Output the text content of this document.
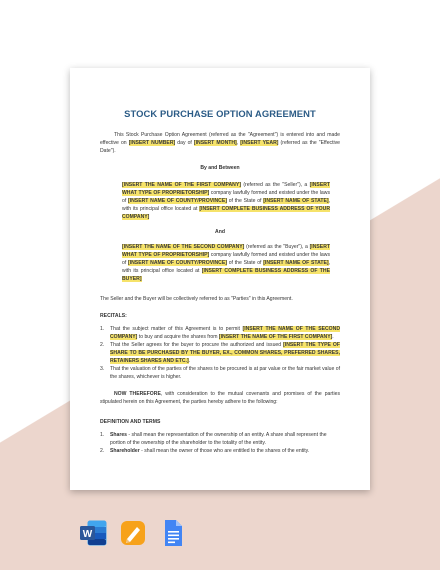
STOCK PURCHASE OPTION AGREEMENT

This Stock Purchase Option Agreement (referred as the "Agreement") is entered into and made effective on [INSERT NUMBER] day of [INSERT MONTH], [INSERT YEAR] (referred as the "Effective Date").

By and Between

[INSERT THE NAME OF THE FIRST COMPANY] (referred as the "Seller"), a [INSERT WHAT TYPE OF PROPRIETORSHIP] company lawfully formed and existed under the laws of [INSERT NAME OF COUNTY/PROVINCE] of the State of [INSERT NAME OF STATE], with its principal office located at [INSERT COMPLETE BUSINESS ADDRESS OF YOUR COMPANY]

And

[INSERT THE NAME OF THE SECOND COMPANY] (referred as the "Buyer"), a [INSERT WHAT TYPE OF PROPRIETORSHIP] company lawfully formed and existed under the laws of [INSERT NAME OF COUNTY/PROVINCE] of the State of [INSERT NAME OF STATE], with its principal office located at [INSERT COMPLETE BUSINESS ADDRESS OF THE BUYER]

The Seller and the Buyer will be collectively referred to as "Parties" in this Agreement.

RECITALS:

1. That the subject matter of this Agreement is to permit [INSERT THE NAME OF THE SECOND COMPANY] to buy and acquire the shares from [INSERT THE NAME OF THE FIRST COMPANY].
2. That the Seller agrees for the buyer to procure the authorized and issued [INSERT THE TYPE OF SHARE TO BE PURCHASED BY THE BUYER, EX., COMMON SHARES, PREFERRED SHARES, RETAINERS SHARES AND ETC.].
3. That the valuation of the parties of the shares to be procured is at par value or the fair market value of the shares, whichever is higher.

NOW THEREFORE, with consideration to the mutual covenants and promises of the parties stipulated herein on this Agreement, the parties hereby adhere to the following:

DEFINITION AND TERMS

1. Shares - shall mean the representation of the ownership of an entity. A share shall represent the portion of the ownership of the shareholder to the totality of the entity.
2. Shareholder - shall mean the owner of those who are entitled to the shares of the entity.
W
